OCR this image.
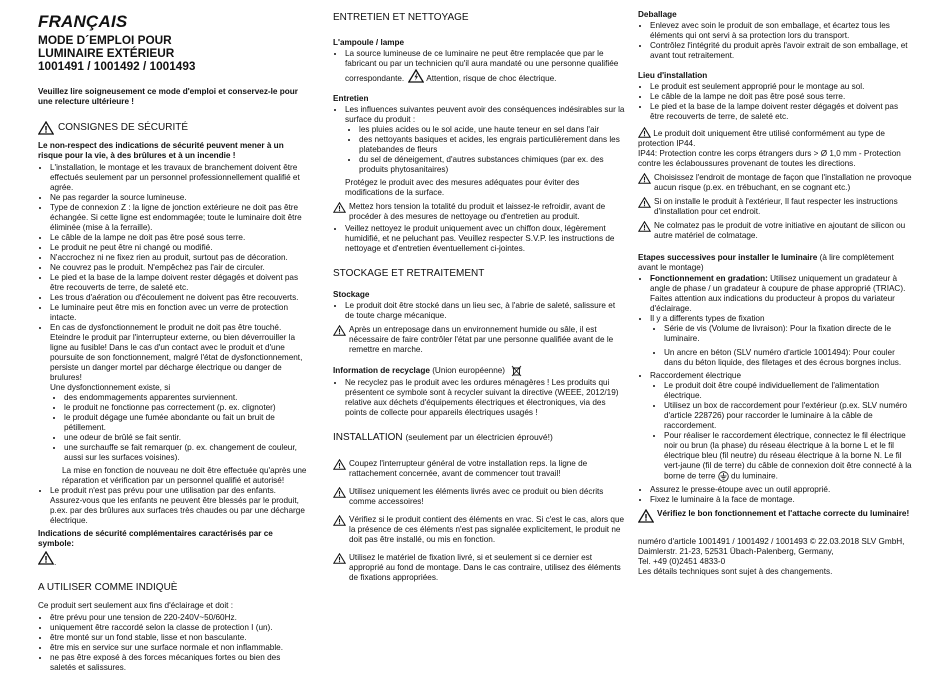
FRANÇAIS
MODE D´EMPLOI POUR
LUMINAIRE EXTÉRIEUR
1001491 / 1001492 / 1001493

Veuillez lire soigneusement ce mode d'emploi et conservez-le pour une relecture ultérieure !

CONSIGNES DE SÉCURITÉ

Le non-respect des indications de sécurité peuvent mener à un risque pour la vie, à des brûlures et à un incendie !

• L'installation, le montage et les travaux de branchement doivent être effectués seulement par un personnel professionnellement qualifié et agrée.
• Ne pas regarder la source lumineuse.
• Type de connexion Z : la ligne de jonction extérieure ne doit pas être échangée. Si cette ligne est endommagée; toute le luminaire doit être éliminée (mise à la ferraille).
• Le câble de la lampe ne doit pas être posé sous terre.
• Le produit ne peut être ni changé ou modifié.
• N'accrochez ni ne fixez rien au produit, surtout pas de décoration.
• Ne couvrez pas le produit. N'empêchez pas l'air de circuler.
• Le pied et la base de la lampe doivent rester dégagés et doivent pas être recouverts de terre, de saleté etc.
• Les trous d'aération ou d'écoulement ne doivent pas être recouverts.
• Le luminaire peut être mis en fonction avec un verre de protection intacte.
• En cas de dysfonctionnement le produit ne doit pas être touché. Eteindre le produit par l'interrupteur externe, ou bien déverrouiller la ligne au fusible! Dans le cas d'un contact avec le produit et d'une poursuite de son fonctionnement, malgré l'état de dysfonctionnement, persiste un danger mortel par décharge électrique ou danger de brulures!
Une dysfonctionnement existe, si
• des endommagements apparentes surviennent.
• le produit ne fonctionne pas correctement (p. ex. clignoter)
• le produit dégage une fumée abondante ou fait un bruit de pétillement.
• une odeur de brûlé se fait sentir.
• une surchauffe se fait remarquer (p. ex. changement de couleur, aussi sur les surfaces voisines).
La mise en fonction de nouveau ne doit être effectuée qu'après une réparation et vérification par un personnel qualifié et autorisé!
• Le produit n'est pas prévu pour une utilisation par des enfants. Assurez-vous que les enfants ne peuvent être blessés par le produit, p.ex. par des brûlures aux surfaces très chaudes ou par une décharge électrique.

Indications de sécurité complémentaires caractérisés par ce symbole:

.
A UTILISER COMME INDIQUÈ

Ce produit sert seulement aux fins d'éclairage et doit :

• être prévu pour une tension de 220-240V~50/60Hz.
• uniquement être raccordé selon la classe de protection I (un).
• être monté sur un fond stable, lisse et non basculante.
• être mis en service sur une surface normale et non inflammable.
• ne pas être exposé à des forces mécaniques fortes ou bien des saletés et salissures.
ENTRETIEN ET NETTOYAGE
L'ampoule / lampe
• La source lumineuse de ce luminaire ne peut être remplacée que par le fabricant ou par un technicien qu'il aura mandaté ou une personne qualifiée correspondante.	Attention, risque de choc électrique.
Entretien
• Les influences suivantes peuvent avoir des conséquences indésirables sur la surface du produit :
• les pluies acides ou le sol acide, une haute teneur en sel dans l'air
• des nettoyants basiques et acides, les engrais particulièrement dans les platebandes de fleurs
• du sel de déneigement, d'autres substances chimiques (par ex. des produits phytosanitaires)
Protégez le produit avec des mesures adéquates pour éviter des modifications de la surface.
Mettez hors tension la totalité du produit et laissez-le refroidir, avant de procéder à des mesures de nettoyage ou d'entretien au produit.
• Veillez nettoyez le produit uniquement avec un chiffon doux, légèrement humidifié, et ne peluchant pas. Veuillez respecter S.V.P. les instructions de nettoyage et d'entretien éventuellement ci-jointes.
STOCKAGE ET RETRAITEMENT
Stockage
• Le produit doit être stocké dans un lieu sec, à l'abrie de saleté, salissure et de toute charge mécanique.
Après un entreposage dans un environnement humide ou sâle, il est nécessaire de faire contrôler l'état par une personne qualifiée avant de le remettre en marche.
Information de recyclage (Union européenne)
• Ne recyclez pas le produit avec les ordures ménagères ! Les produits qui présentent ce symbole sont à recycler suivant la directive (WEEE, 2012/19) relative aux déchets d'équipements électriques et électroniques, via des points de collecte pour appareils électriques usagés !
INSTALLATION (seulement par un électricien éprouvé!)
Coupez l'interrupteur général de votre installation reps. la ligne de rattachement concernée, avant de commencer tout travail!
Utilisez uniquement les éléments livrés avec ce produit ou bien décrits comme accessoires!
Vérifiez si le produit contient des éléments en vrac. Si c'est le cas, alors que la présence de ces éléments n'est pas signalée explicitement, le produit ne doit pas être installé, ou mis en fonction.
Utilisez le matériel de fixation livré, si et seulement si ce dernier est approprié au fond de montage. Dans le cas contraire, utilisez des éléments de fixations appropriées.
Deballage
• Enlevez avec soin le produit de son emballage, et écartez tous les éléments qui ont servi à sa protection lors du transport.
• Contrôlez l'intégrité du produit après l'avoir extrait de son emballage, et avant tout retraitement.
Lieu d'installation
• Le produit est seulement approprié pour le montage au sol.
• Le câble de la lampe ne doit pas être posé sous terre.
• Le pied et la base de la lampe doivent rester dégagés et doivent pas être recouverts de terre, de saleté etc.
Le produit doit uniquement être utilisé conformément au type de protection IP44.

IP44: Protection contre les corps étrangers durs > Ø 1,0 mm - Protection contre les éclaboussures provenant de toutes les directions.

Choisissez l'endroit de montage de façon que l'installation ne provoque aucun risque (p.ex. en trébuchant, en se cognant etc.)
Si on installe le produit à l'extérieur, Il faut respecter les instructions d'installation pour cet endroit.
Ne colmatez pas le produit de votre initiative en ajoutant de silicon ou autre matériel de colmatage.
Etapes successives pour installer le luminaire (à lire complètement avant le montage)
• Fonctionnement en gradation: Utilisez uniquement un gradateur à angle de phase / un gradateur à coupure de phase approprié (TRIAC). Faites attention aux indications du producteur à propos du variateur d'éclairage.
• Il y a differents types de fixation
• Série de vis (Volume de livraison): Pour la fixation directe de le luminaire.
• Un ancre en béton (SLV numéro d'article 1001494): Pour couler dans du béton liquide, des filetages et des écrous borgnes inclus.
• Raccordement électrique
• Le produit doit être coupé individuellement de l'alimentation électrique.
• Utilisez un box de raccordement pour l'extérieur (p.ex. SLV numéro d'article 228726) pour raccorder le luminaire à la câble de raccordement.
• Pour réaliser le raccordement électrique, connectez le fil électrique noir ou brun (la phase) du réseau électrique à la borne L et le fil électrique bleu (fil neutre) du réseau électrique à la borne N. Le fil vert-jaune (fil de terre) du câble de connexion doit être connecté à la borne de terre du luminaire.
• Assurez le presse-étoupe avec un outil approprié.
• Fixez le luminaire à la face de montage.
Vérifiez le bon fonctionnement et l'attache correcte du luminaire!
numéro d'article 1001491 / 1001492 / 1001493 © 22.03.2018 SLV GmbH,
Daimlerstr. 21-23, 52531 Übach-Palenberg, Germany,
Tel. +49 (0)2451 4833-0
Les détails techniques sont sujet à des changements.
